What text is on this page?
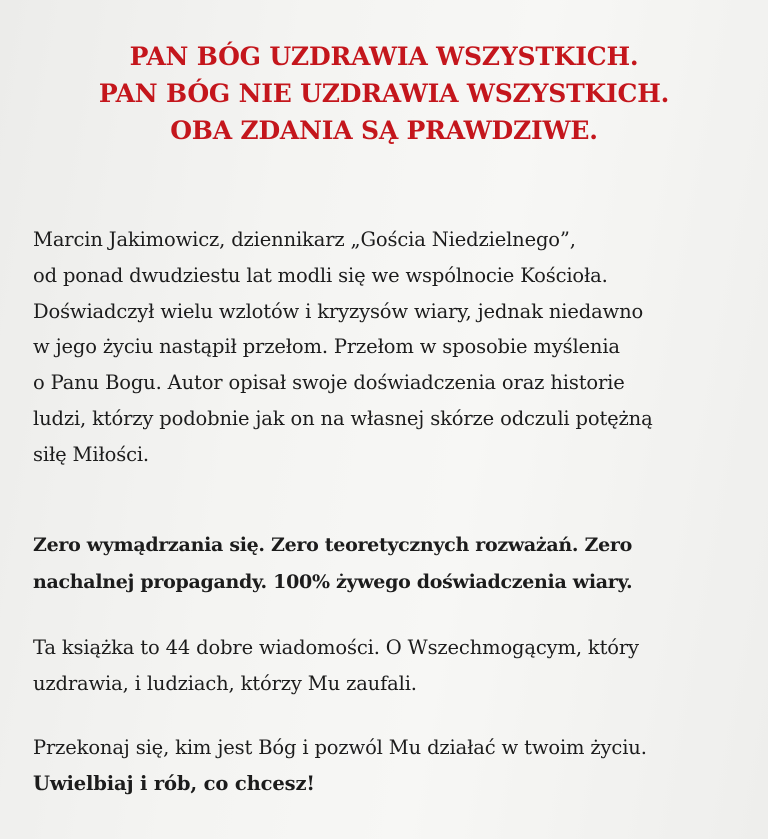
PAN BÓG UZDRAWIA WSZYSTKICH.
PAN BÓG NIE UZDRAWIA WSZYSTKICH.
OBA ZDANIA SĄ PRAWDZIWE.
Marcin Jakimowicz, dziennikarz „Gościa Niedzielnego”,
od ponad dwudziestu lat modli się we wspólnocie Kościoła.
Doświadczył wielu wzlotów i kryzysów wiary, jednak niedawno
w jego życiu nastąpił przełom. Przełom w sposobie myślenia
o Panu Bogu. Autor opisał swoje doświadczenia oraz historie
ludzi, którzy podobnie jak on na własnej skórze odczuli potężną
siłę Miłości.
Zero wymądrzania się. Zero teoretycznych rozważań. Zero
nachalnej propagandy. 100% żywego doświadczenia wiary.
Ta książka to 44 dobre wiadomości. O Wszechmogącym, który
uzdrawia, i ludziach, którzy Mu zaufali.
Przekonaj się, kim jest Bóg i pozwól Mu działać w twoim życiu.
Uwielbiaj i rób, co chcesz!
